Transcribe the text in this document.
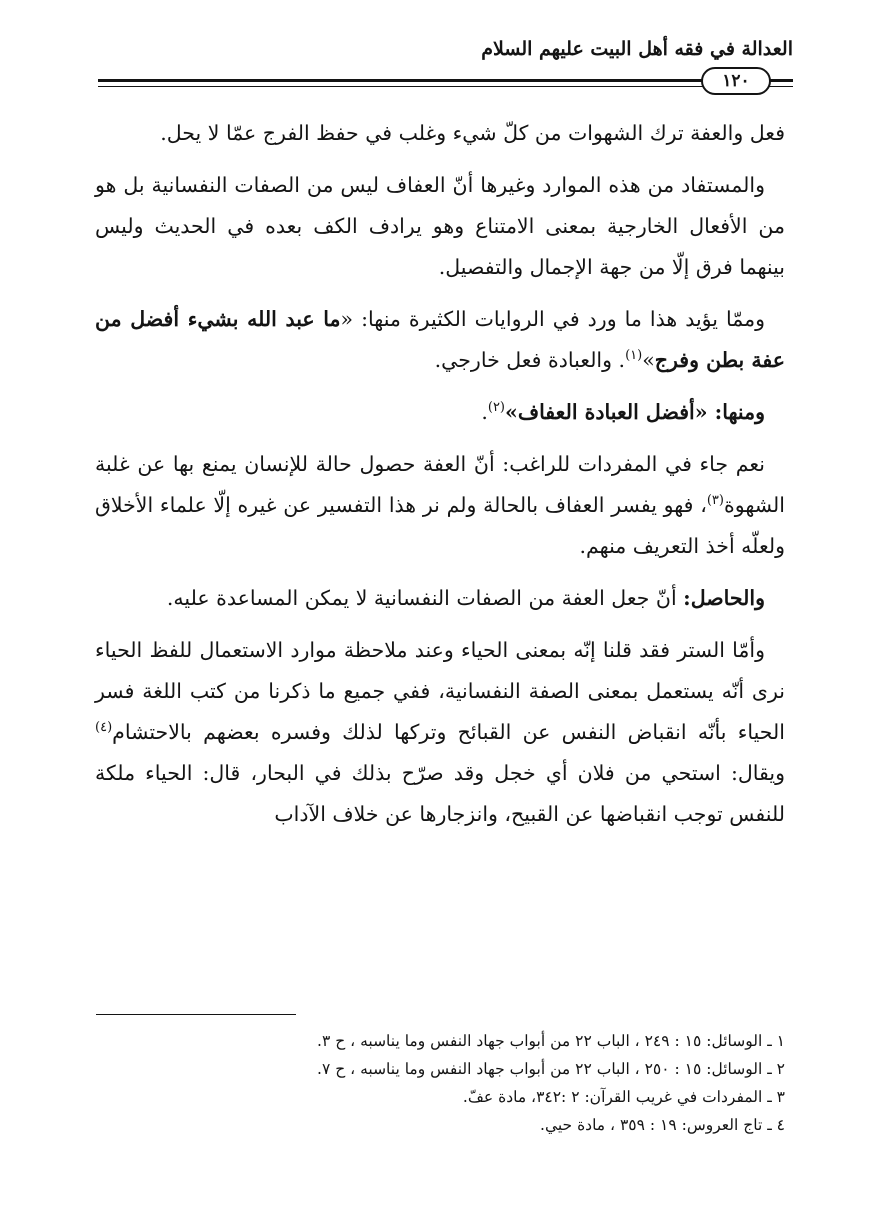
العدالة في فقه أهل البيت عليهم السلام
١٢٠

فعل والعفة ترك الشهوات من كلّ شيء وغلب في حفظ الفرج عمّا لا يحل.

والمستفاد من هذه الموارد وغيرها أنّ العفاف ليس من الصفات النفسانية بل هو من الأفعال الخارجية بمعنى الامتناع وهو يرادف الكف بعده في الحديث وليس بينهما فرق إلّا من جهة الإجمال والتفصيل.

وممّا يؤيد هذا ما ورد في الروايات الكثيرة منها: «ما عبد الله بشيء أفضل من عفة بطن وفرج»$^{(١)}$. والعبادة فعل خارجي.

ومنها: «أفضل العبادة العفاف»$^{(٢)}$.

نعم جاء في المفردات للراغب: أنّ العفة حصول حالة للإنسان يمنع بها عن غلبة الشهوة$^{(٣)}$، فهو يفسر العفاف بالحالة ولم نر هذا التفسير عن غيره إلّا علماء الأخلاق ولعلّه أخذ التعريف منهم.

والحاصل: أنّ جعل العفة من الصفات النفسانية لا يمكن المساعدة عليه.

وأمّا الستر فقد قلنا إنّه بمعنى الحياء وعند ملاحظة موارد الاستعمال للفظ الحياء نرى أنّه يستعمل بمعنى الصفة النفسانية، ففي جميع ما ذكرنا من كتب اللغة فسر الحياء بأنّه انقباض النفس عن القبائح وتركها لذلك وفسره بعضهم بالاحتشام$^{(٤)}$ ويقال: استحي من فلان أي خجل وقد صرّح بذلك في البحار، قال: الحياء ملكة للنفس توجب انقباضها عن القبيح، وانزجارها عن خلاف الآداب

١ ـ الوسائل: ١٥ : ٢٤٩ ، الباب ٢٢ من أبواب جهاد النفس وما يناسبه ، ح ٣.

٢ ـ الوسائل: ١٥ : ٢٥٠ ، الباب ٢٢ من أبواب جهاد النفس وما يناسبه ، ح ٧.

٣ ـ المفردات في غريب القرآن: ٢ :٣٤٢، مادة عفّ.

٤ ـ تاج العروس: ١٩ : ٣٥٩ ، مادة حيي.
